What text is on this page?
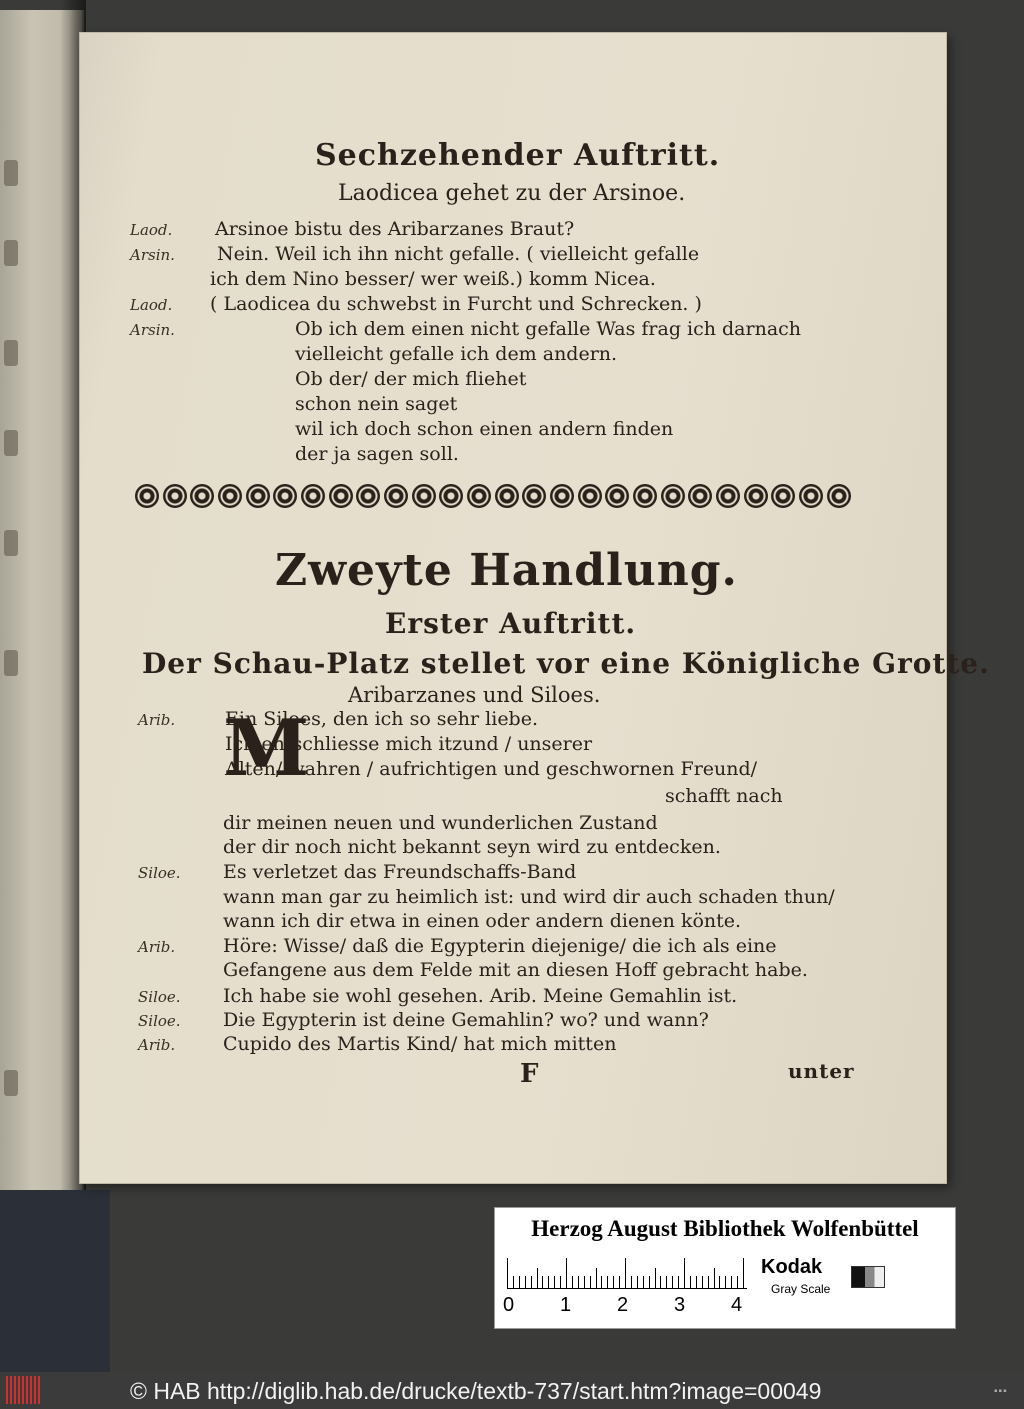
Sechzehender Auftritt.
Laodicea gehet zu der Arsinoe.
Laod. Arsinoe bistu des Aribarzanes Braut?
Arsin. Nein. Weil ich ihn nicht gefalle. ( vielleicht gefalle
ich dem Nino besser/ wer weiß.) komm Nicea.
Laod. ( Laodicea du schwebst in Furcht und Schrecken. )
Arsin.	Ob ich dem einen nicht gefalle Was frag ich darnach
vielleicht gefalle ich dem andern.
Ob der/ der mich fliehet
schon nein saget
wil ich doch schon einen andern finden
der ja sagen soll.
Zweyte Handlung.
Erster Auftritt.
Der Schau-Platz stellet vor eine Königliche Grotte.
Aribarzanes und Siloes.
M
Arib.	Ein Siloes, den ich so sehr liebe.
Ich entschliesse mich itzund / unserer
Alten/ wahren / aufrichtigen und geschwornen Freund/
schafft nach
dir meinen neuen und wunderlichen Zustand
der dir noch nicht bekannt seyn wird zu entdecken.
Siloe. Es verletzet das Freundschaffs-Band
wann man gar zu heimlich ist: und wird dir auch schaden thun/
wann ich dir etwa in einen oder andern dienen könte.
Arib.	Höre: Wisse/ daß die Egypterin diejenige/ die ich als eine
Gefangene aus dem Felde mit an diesen Hoff gebracht habe.
Siloe. Ich habe sie wohl gesehen. Arib. Meine Gemahlin ist.
Siloe. Die Egypterin ist deine Gemahlin? wo? und wann?
Arib.	Cupido des Martis Kind/ hat mich mitten
F	unter
Herzog August Bibliothek Wolfenbüttel
0 1 2 3 4
Kodak
Gray Scale
© HAB http://diglib.hab.de/drucke/textb-737/start.htm?image=00049	▪▪▪
